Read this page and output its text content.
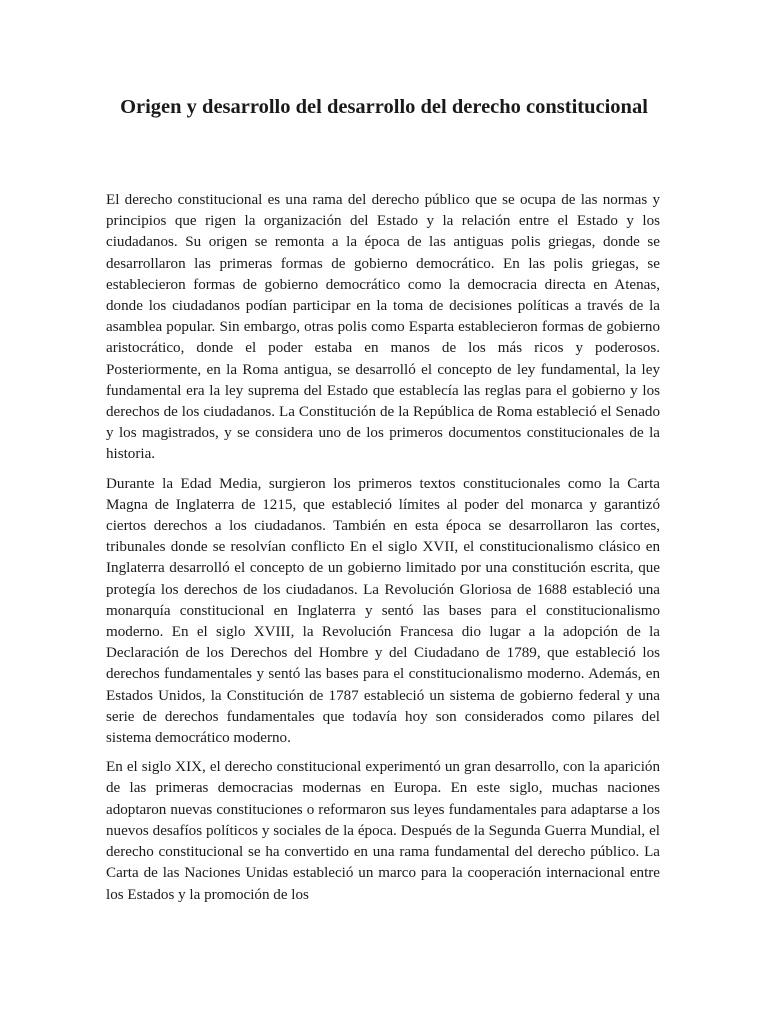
Origen y desarrollo del desarrollo del derecho constitucional

El derecho constitucional es una rama del derecho público que se ocupa de las normas y principios que rigen la organización del Estado y la relación entre el Estado y los ciudadanos. Su origen se remonta a la época de las antiguas polis griegas, donde se desarrollaron las primeras formas de gobierno democrático. En las polis griegas, se establecieron formas de gobierno democrático como la democracia directa en Atenas, donde los ciudadanos podían participar en la toma de decisiones políticas a través de la asamblea popular. Sin embargo, otras polis como Esparta establecieron formas de gobierno aristocrático, donde el poder estaba en manos de los más ricos y poderosos. Posteriormente, en la Roma antigua, se desarrolló el concepto de ley fundamental, la ley fundamental era la ley suprema del Estado que establecía las reglas para el gobierno y los derechos de los ciudadanos. La Constitución de la República de Roma estableció el Senado y los magistrados, y se considera uno de los primeros documentos constitucionales de la historia.

Durante la Edad Media, surgieron los primeros textos constitucionales como la Carta Magna de Inglaterra de 1215, que estableció límites al poder del monarca y garantizó ciertos derechos a los ciudadanos. También en esta época se desarrollaron las cortes, tribunales donde se resolvían conflicto En el siglo XVII, el constitucionalismo clásico en Inglaterra desarrolló el concepto de un gobierno limitado por una constitución escrita, que protegía los derechos de los ciudadanos. La Revolución Gloriosa de 1688 estableció una monarquía constitucional en Inglaterra y sentó las bases para el constitucionalismo moderno. En el siglo XVIII, la Revolución Francesa dio lugar a la adopción de la Declaración de los Derechos del Hombre y del Ciudadano de 1789, que estableció los derechos fundamentales y sentó las bases para el constitucionalismo moderno. Además, en Estados Unidos, la Constitución de 1787 estableció un sistema de gobierno federal y una serie de derechos fundamentales que todavía hoy son considerados como pilares del sistema democrático moderno.

En el siglo XIX, el derecho constitucional experimentó un gran desarrollo, con la aparición de las primeras democracias modernas en Europa. En este siglo, muchas naciones adoptaron nuevas constituciones o reformaron sus leyes fundamentales para adaptarse a los nuevos desafíos políticos y sociales de la época. Después de la Segunda Guerra Mundial, el derecho constitucional se ha convertido en una rama fundamental del derecho público. La Carta de las Naciones Unidas estableció un marco para la cooperación internacional entre los Estados y la promoción de los
